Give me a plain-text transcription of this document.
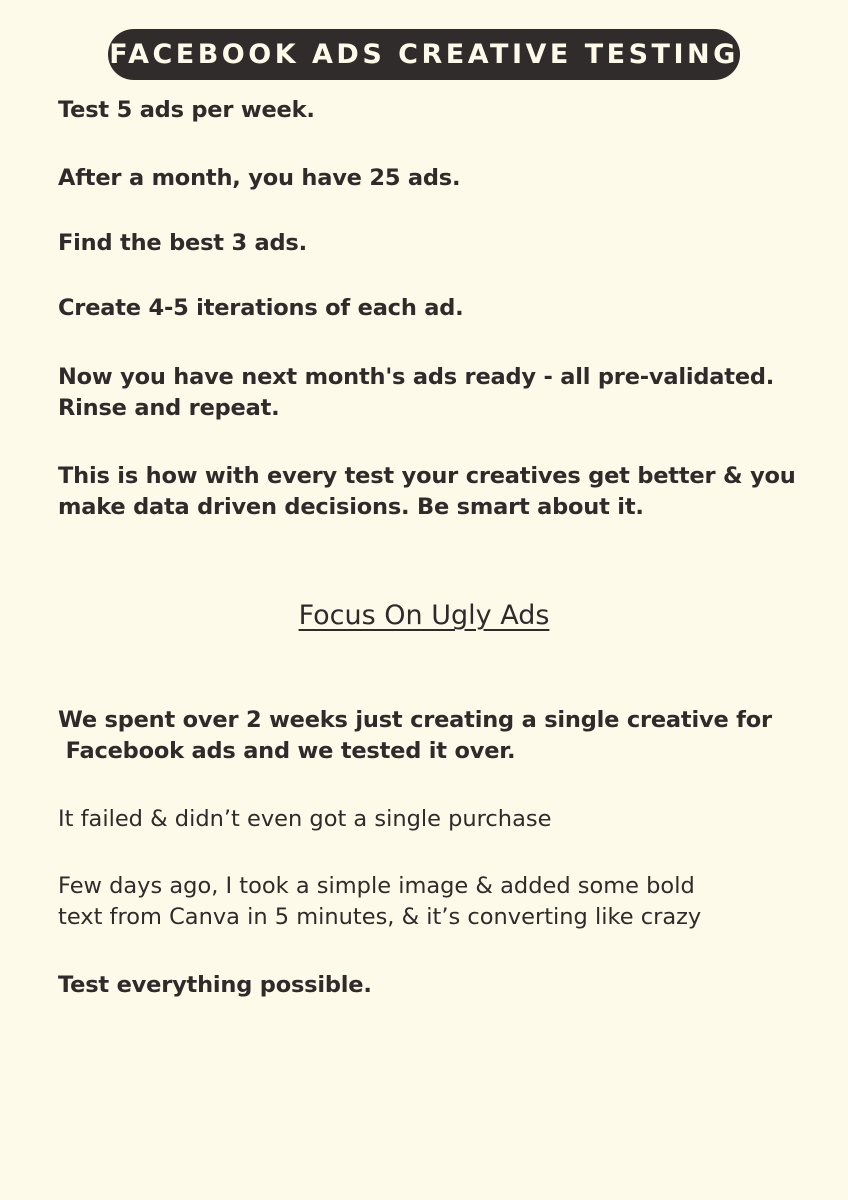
FACEBOOK ADS CREATIVE TESTING

Test 5 ads per week.

After a month, you have 25 ads.

Find the best 3 ads.

Create 4-5 iterations of each ad.

Now you have next month's ads ready - all pre-validated.
Rinse and repeat.

This is how with every test your creatives get better & you
make data driven decisions. Be smart about it.

Focus On Ugly Ads

We spent over 2 weeks just creating a single creative for
Facebook ads and we tested it over.

It failed & didn’t even got a single purchase

Few days ago, I took a simple image & added some bold
text from Canva in 5 minutes, & it’s converting like crazy

Test everything possible.
